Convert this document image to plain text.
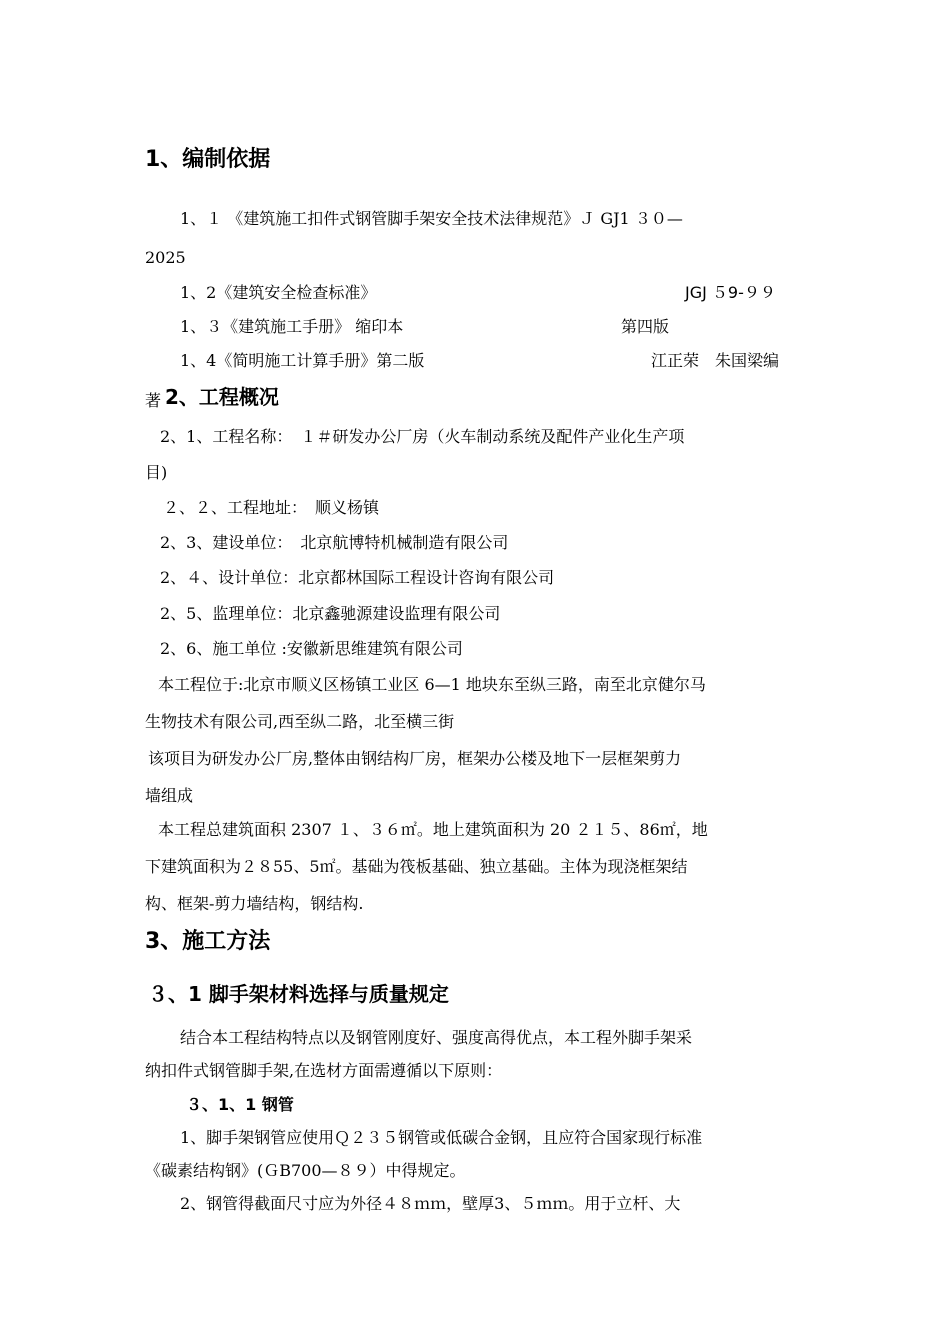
1、编制依据
1、１ 《建筑施工扣件式钢管脚手架安全技术法律规范》Ｊ GJ1 ３０—
2025
1、2《建筑安全检查标准》	JGJ ５9-９９
1、３《建筑施工手册》 缩印本	第四版
1、4《简明施工计算手册》第二版	江正荣　朱国梁编
著 2、工程概况
2、1、工程名称：　１＃研发办公厂房（火车制动系统及配件产业化生产项
目)
２、２、工程地址：　顺义杨镇
2、3、建设单位：　北京航博特机械制造有限公司
2、４、设计单位：北京都林国际工程设计咨询有限公司
2、5、监理单位：北京鑫驰源建设监理有限公司
2、6、施工单位 :安徽新思维建筑有限公司
本工程位于:北京市顺义区杨镇工业区 6—1 地块东至纵三路，南至北京健尔马
生物技术有限公司,西至纵二路，北至横三街
该项目为研发办公厂房,整体由钢结构厂房，框架办公楼及地下一层框架剪力
墙组成
本工程总建筑面积 2307 １、３６㎡。地上建筑面积为 20 ２１５、86㎡，地
下建筑面积为２８55、5㎡。基础为筏板基础、独立基础。主体为现浇框架结
构、框架-剪力墙结构，钢结构.
3、施工方法
３、1 脚手架材料选择与质量规定
结合本工程结构特点以及钢管刚度好、强度高得优点，本工程外脚手架采
纳扣件式钢管脚手架,在选材方面需遵循以下原则：
３、1、1 钢管
1、脚手架钢管应使用Ｑ２３５钢管或低碳合金钢，且应符合国家现行标准
《碳素结构钢》(ＧB700—８９）中得规定。
2、钢管得截面尺寸应为外径４８ｍｍ，壁厚3、５ｍｍ。用于立杆、大
